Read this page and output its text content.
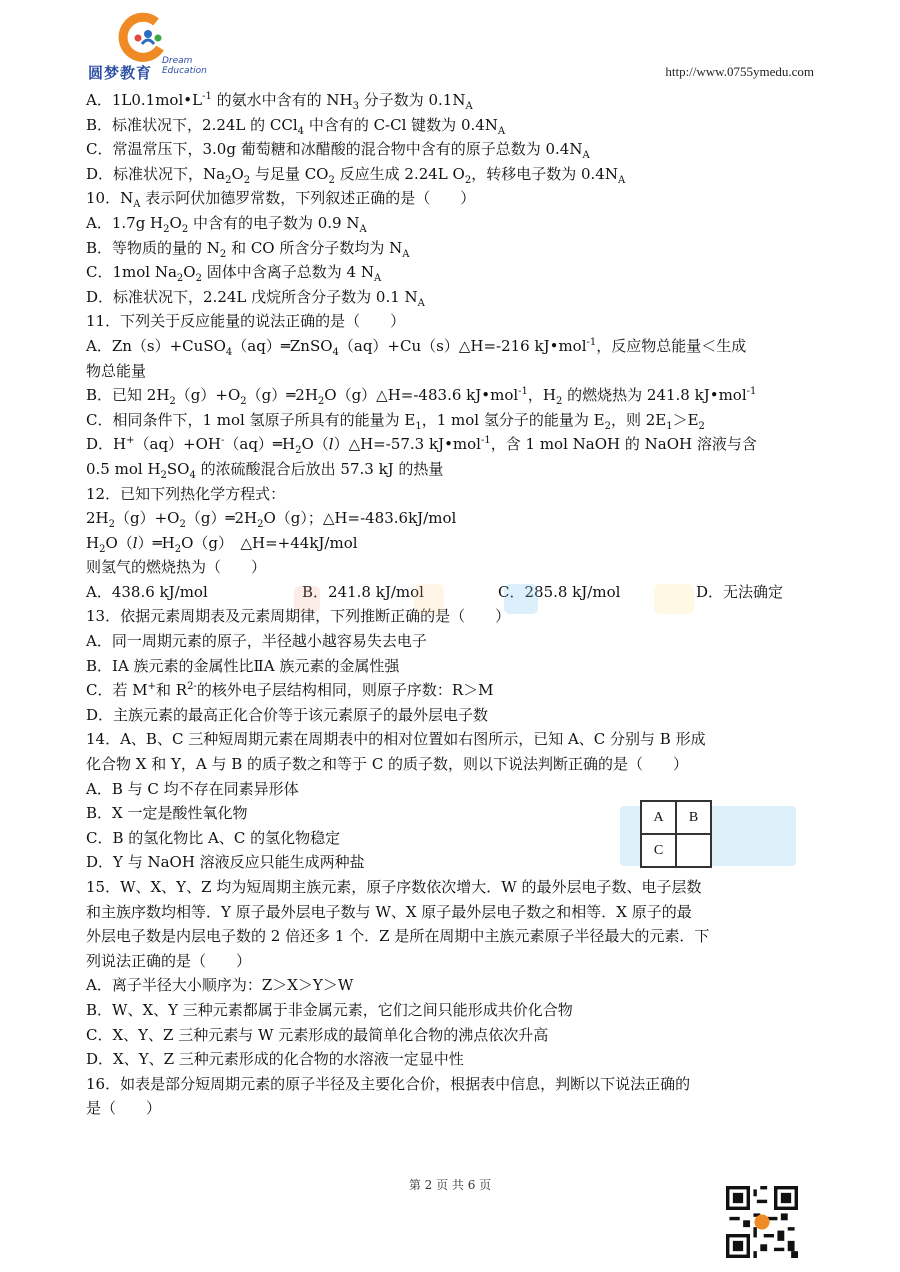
圆梦教育
Dream
Education	http://www.0755ymedu.com
A．$1L0.1mol•L^{-1}$ 的氨水中含有的 $NH_3$ 分子数为 $0.1N_A$
B．标准状况下，2.24L 的 CCl$_4$ 中含有的 C-Cl 键数为 $0.4N_A$
C．常温常压下，3.0g 葡萄糖和冰醋酸的混合物中含有的原子总数为 $0.4N_A$
D．标准状况下，$Na_2O_2$ 与足量 $CO_2$ 反应生成 2.24L $O_2$，转移电子数为 $0.4N_A$
10．$N_A$ 表示阿伏加德罗常数，下列叙述正确的是（　　）
A．1.7g $H_2O_2$ 中含有的电子数为 0.9 $N_A$
B．等物质的量的 $N_2$ 和 CO 所含分子数均为 $N_A$
C．1mol $Na_2O_2$ 固体中含离子总数为 4 $N_A$
D．标准状况下，2.24L 戊烷所含分子数为 0.1 $N_A$
11．下列关于反应能量的说法正确的是（　　）
A．Zn（s）+CuSO$_4$（aq）═ZnSO$_4$（aq）+Cu（s）△H=-216 kJ•mol$^{-1}$，反应物总能量＜生成
物总能量
B．已知 $2H_2(g)+O_2(g)═2H_2O(g)\triangle H=-483.6$ kJ•mol$^{-1}$，$H_2$ 的燃烧热为 241.8 kJ•mol$^{-1}$
C．相同条件下，1 mol 氢原子所具有的能量为 $E_1$，1 mol 氢分子的能量为 $E_2$，则 $2E_1>E_2$
D．$H^+(aq)+OH^-(aq)═H_2O(l)\triangle H=-57.3$ kJ•mol$^{-1}$，含 1 mol NaOH 的 NaOH 溶液与含
0.5 mol $H_2SO_4$ 的浓硫酸混合后放出 57.3 kJ 的热量
12．已知下列热化学方程式：
$2H_2(g)+O_2(g)═2H_2O(g)$；△H=-483.6kJ/mol
$H_2O(l)═H_2O(g)$　△H=+44kJ/mol
则氢气的燃烧热为（　　）
A．438.6 kJ/mol	B．241.8 kJ/mol	C．285.8 kJ/mol	D．无法确定
13．依据元素周期表及元素周期律，下列推断正确的是（　　）
A．同一周期元素的原子，半径越小越容易失去电子
B．ⅠA 族元素的金属性比ⅡA 族元素的金属性强
C．若 M+和 $R^{2-}$的核外电子层结构相同，则原子序数：R＞M
D．主族元素的最高正化合价等于该元素原子的最外层电子数
14．A、B、C 三种短周期元素在周期表中的相对位置如右图所示，已知 A、C 分别与 B 形成
化合物 X 和 Y，A 与 B 的质子数之和等于 C 的质子数，则以下说法判断正确的是（　　）
A．B 与 C 均不存在同素异形体
B．X 一定是酸性氧化物
C．B 的氢化物比 A、C 的氢化物稳定
D．Y 与 NaOH 溶液反应只能生成两种盐
15．W、X、Y、Z 均为短周期主族元素，原子序数依次增大．W 的最外层电子数、电子层数
和主族序数均相等．Y 原子最外层电子数与 W、X 原子最外层电子数之和相等．X 原子的最
外层电子数是内层电子数的 2 倍还多 1 个．Z 是所在周期中主族元素原子半径最大的元素．下
列说法正确的是（　　）
A．离子半径大小顺序为：Z＞X＞Y＞W
B．W、X、Y 三种元素都属于非金属元素，它们之间只能形成共价化合物
C．X、Y、Z 三种元素与 W 元素形成的最简单化合物的沸点依次升高
D．X、Y、Z 三种元素形成的化合物的水溶液一定显中性
16．如表是部分短周期元素的原子半径及主要化合价，根据表中信息，判断以下说法正确的
是（　　）
A	B
C
第 2 页 共 6 页
